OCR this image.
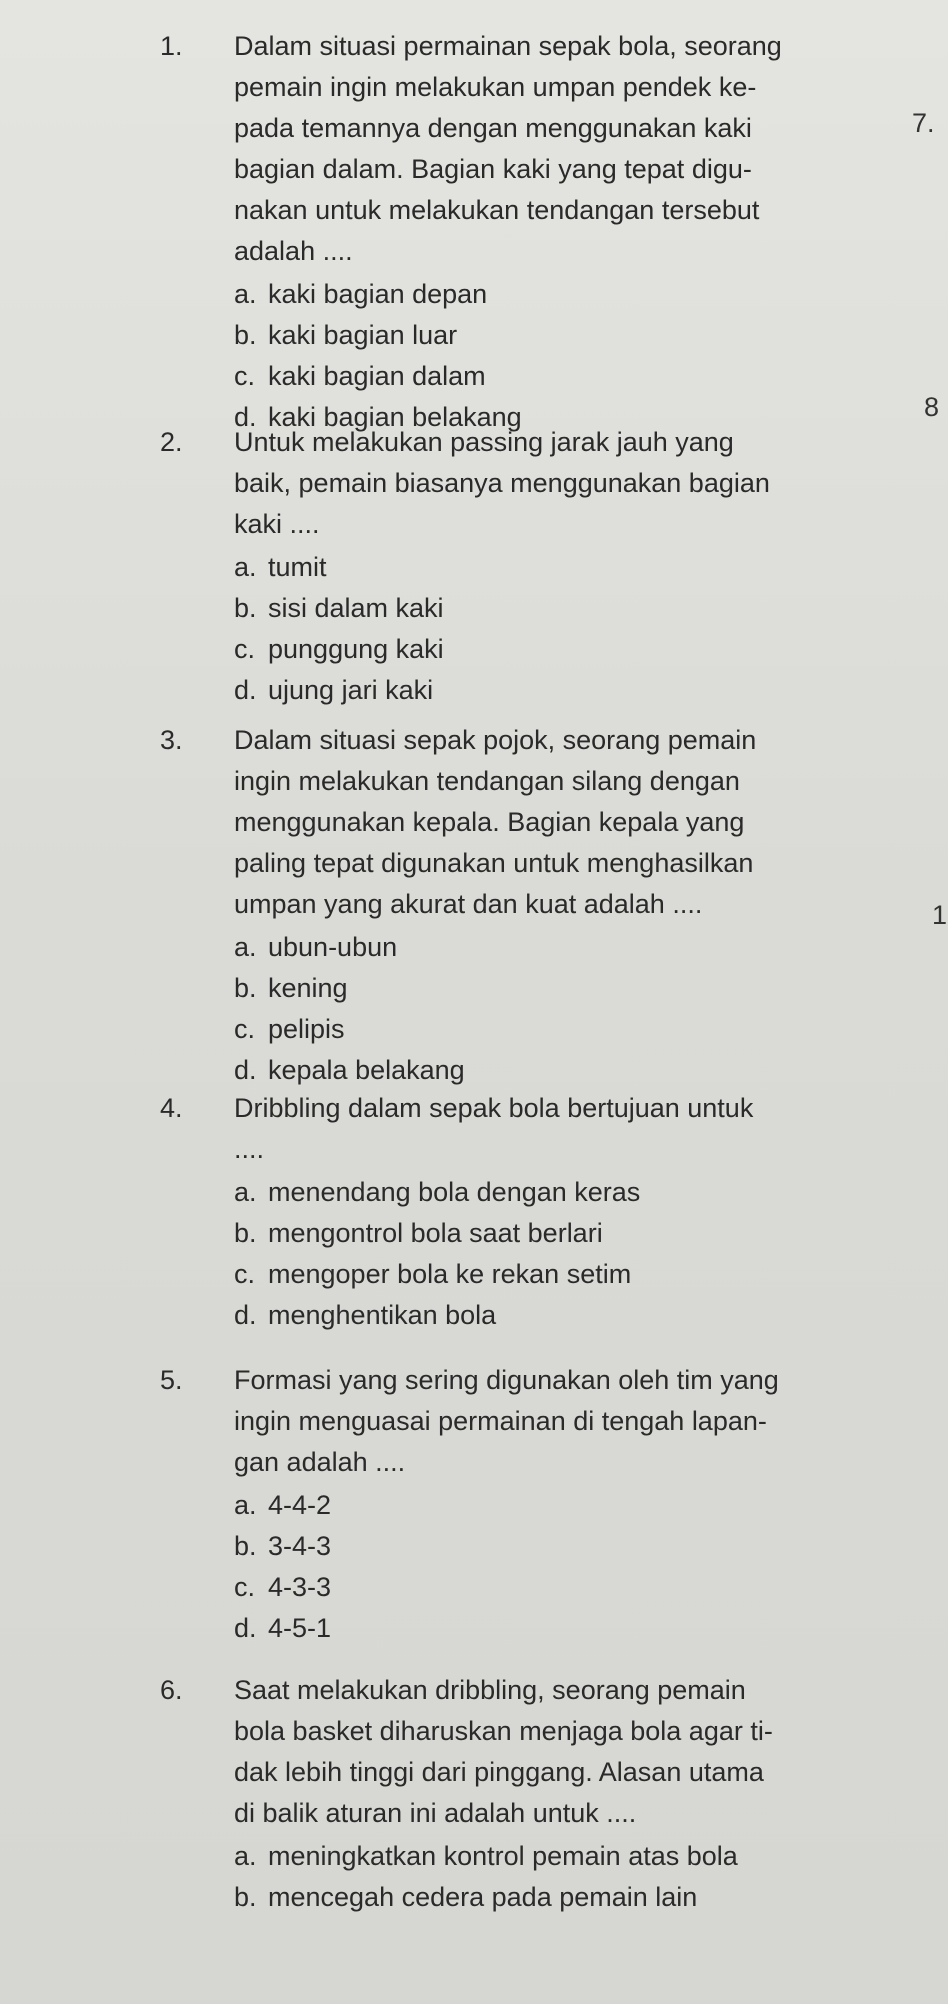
1. Dalam situasi permainan sepak bola, seorang
pemain ingin melakukan umpan pendek ke-
pada temannya dengan menggunakan kaki
bagian dalam. Bagian kaki yang tepat digu-
nakan untuk melakukan tendangan tersebut
adalah ....
a. kaki bagian depan
b. kaki bagian luar
c. kaki bagian dalam
d. kaki bagian belakang
2. Untuk melakukan passing jarak jauh yang
baik, pemain biasanya menggunakan bagian
kaki ....
a. tumit
b. sisi dalam kaki
c. punggung kaki
d. ujung jari kaki
3. Dalam situasi sepak pojok, seorang pemain
ingin melakukan tendangan silang dengan
menggunakan kepala. Bagian kepala yang
paling tepat digunakan untuk menghasilkan
umpan yang akurat dan kuat adalah ....
a. ubun-ubun
b. kening
c. pelipis
d. kepala belakang
4. Dribbling dalam sepak bola bertujuan untuk
....
a. menendang bola dengan keras
b. mengontrol bola saat berlari
c. mengoper bola ke rekan setim
d. menghentikan bola
5. Formasi yang sering digunakan oleh tim yang
ingin menguasai permainan di tengah lapan-
gan adalah ....
a. 4-4-2
b. 3-4-3
c. 4-3-3
d. 4-5-1
6. Saat melakukan dribbling, seorang pemain
bola basket diharuskan menjaga bola agar ti-
dak lebih tinggi dari pinggang. Alasan utama
di balik aturan ini adalah untuk ....
a. meningkatkan kontrol pemain atas bola
b. mencegah cedera pada pemain lain
7.
8
1
